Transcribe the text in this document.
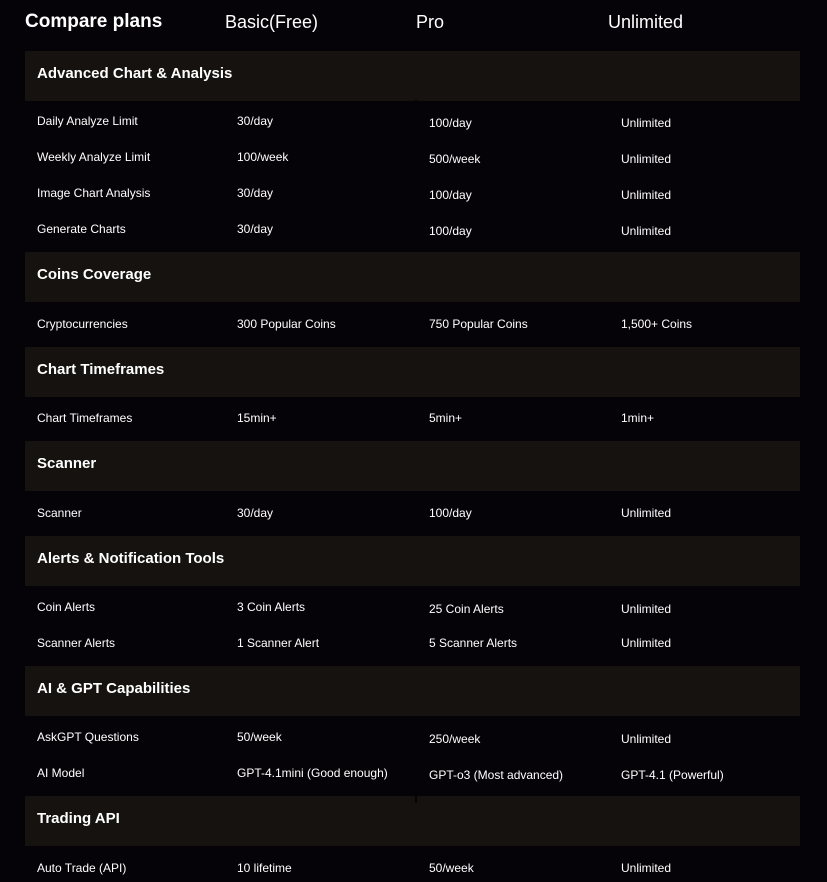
Compare plans	Basic(Free)	Pro	Unlimited
Advanced Chart & Analysis
Daily Analyze Limit	30/day	100/day	Unlimited
Weekly Analyze Limit	100/week	500/week	Unlimited
Image Chart Analysis	30/day	100/day	Unlimited
Generate Charts	30/day	100/day	Unlimited
Coins Coverage
Cryptocurrencies	300 Popular Coins	750 Popular Coins	1,500+ Coins
Chart Timeframes
Chart Timeframes	15min+	5min+	1min+
Scanner
Scanner	30/day	100/day	Unlimited
Alerts & Notification Tools
Coin Alerts	3 Coin Alerts	25 Coin Alerts	Unlimited
Scanner Alerts	1 Scanner Alert	5 Scanner Alerts	Unlimited
AI & GPT Capabilities
AskGPT Questions	50/week	250/week	Unlimited
AI Model	GPT-4.1mini (Good enough)	GPT-o3 (Most advanced)	GPT-4.1 (Powerful)
Trading API
Auto Trade (API)	10 lifetime	50/week	Unlimited
